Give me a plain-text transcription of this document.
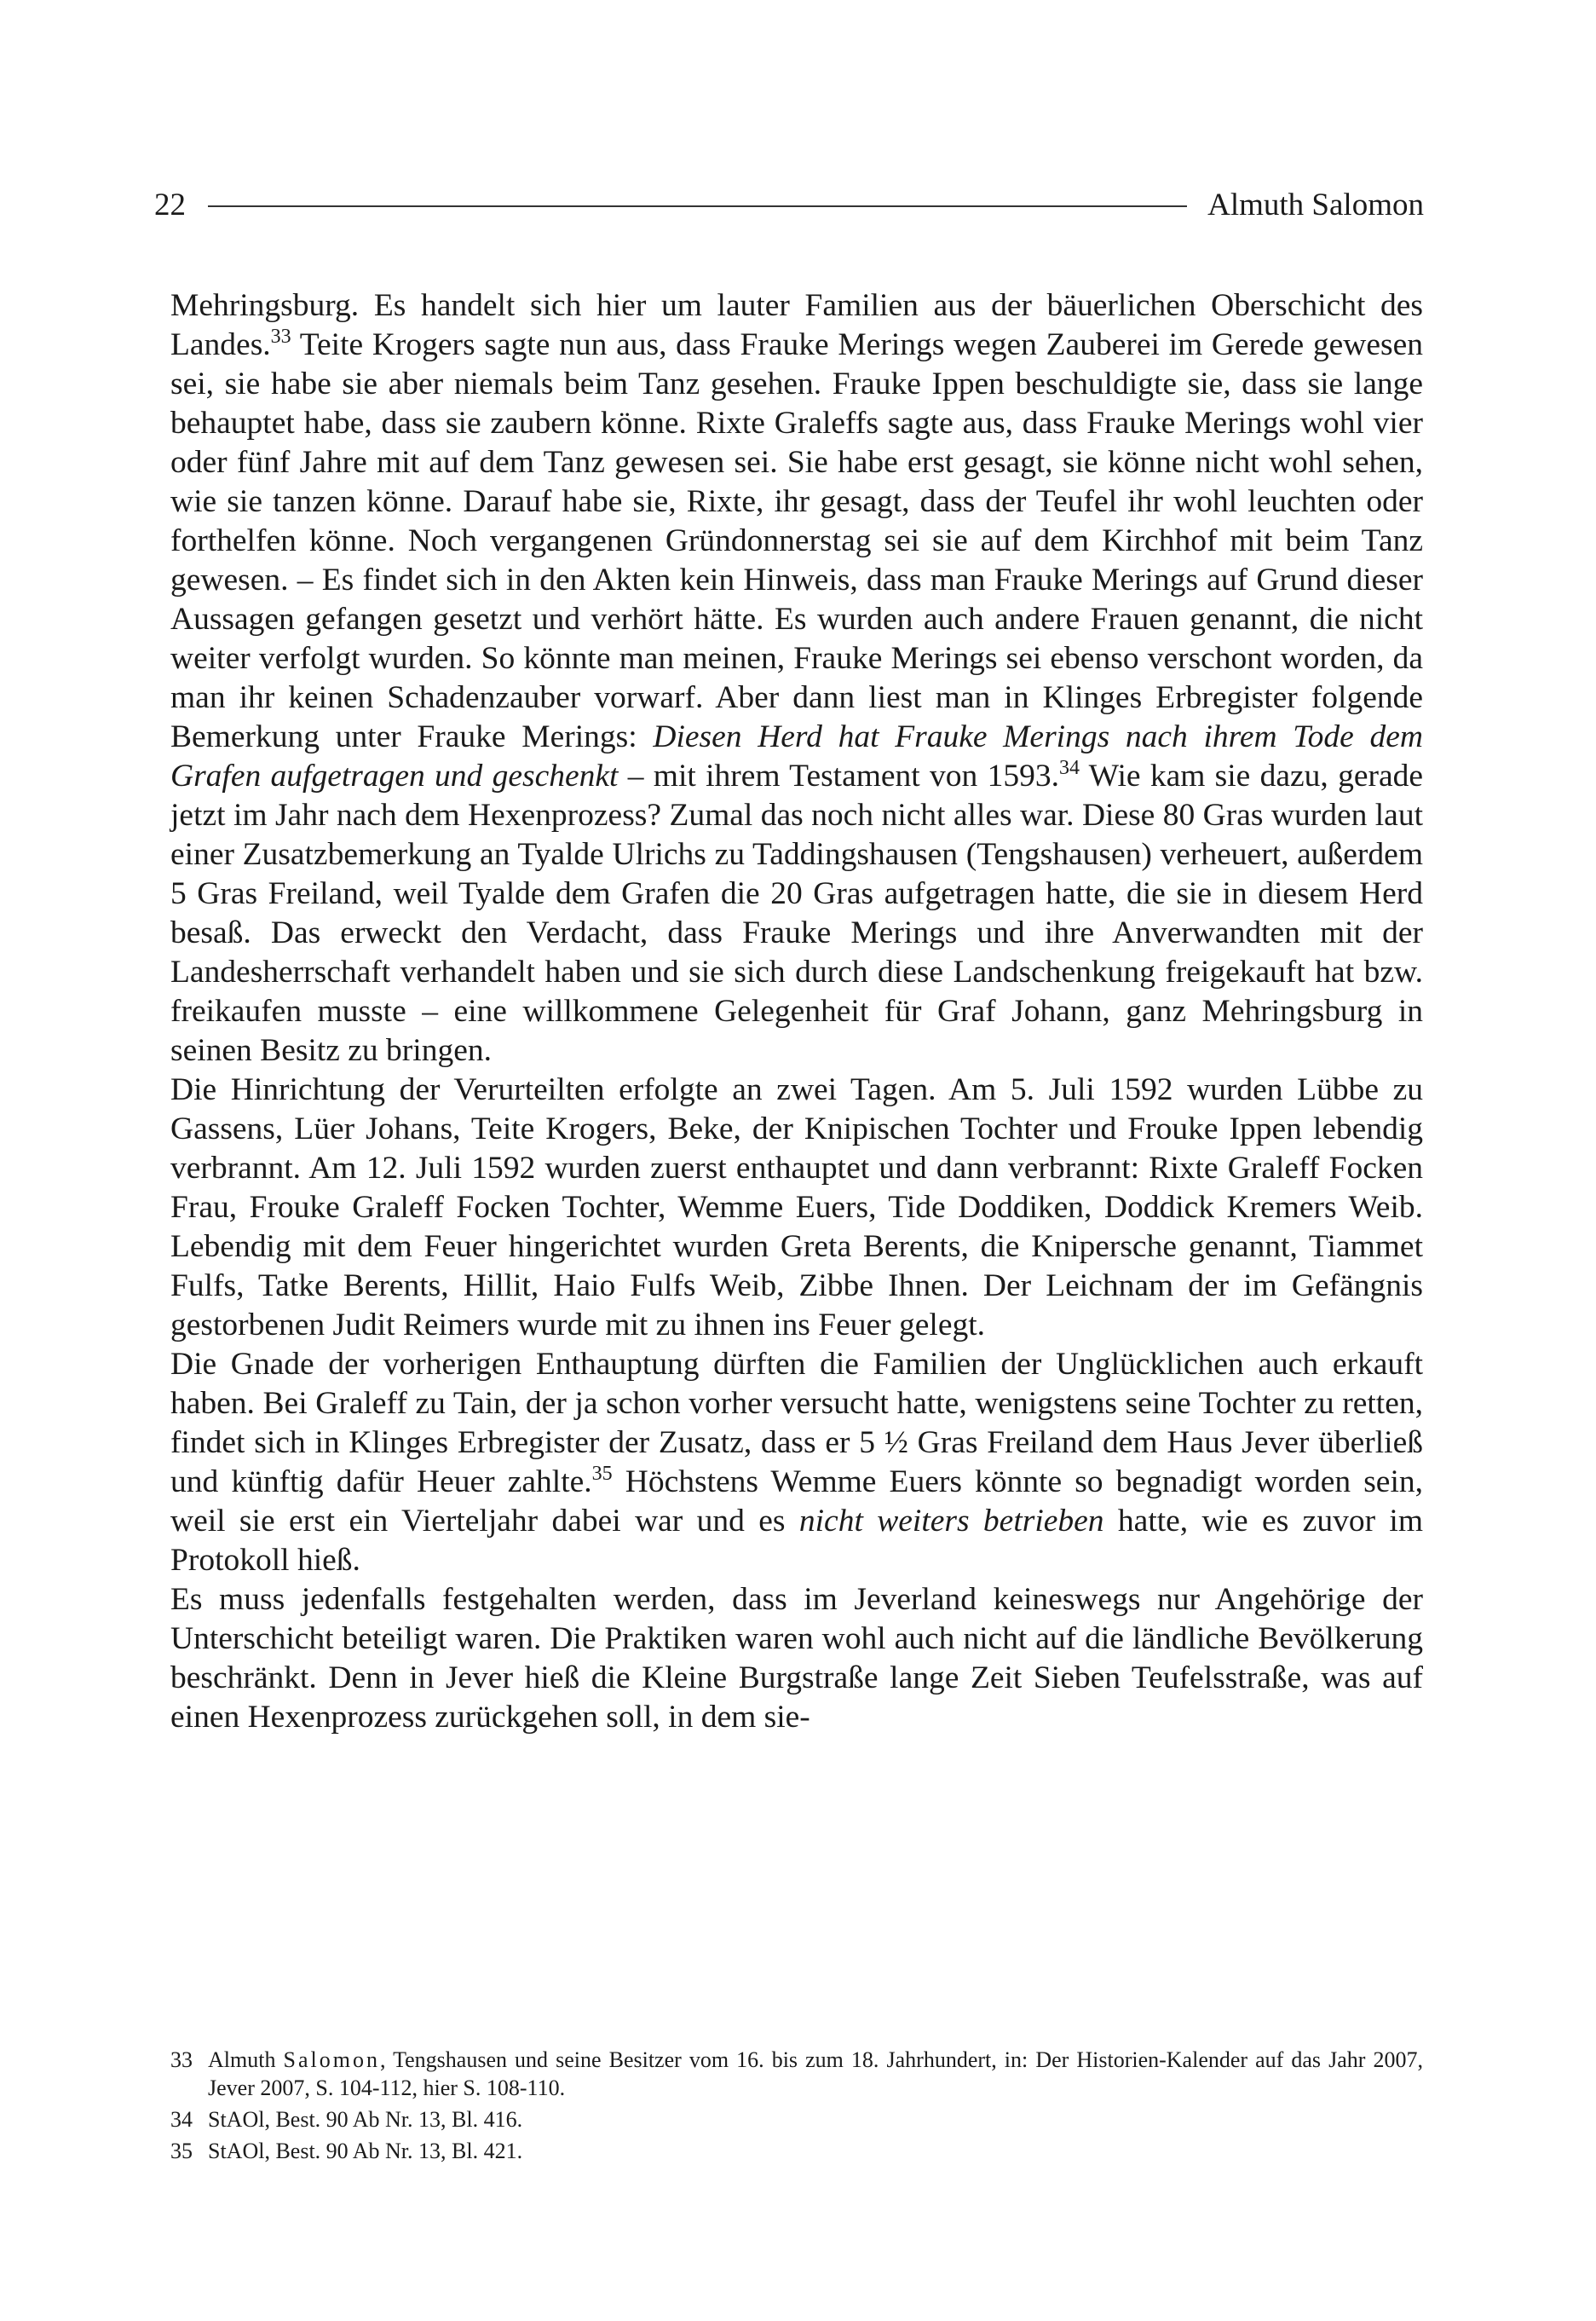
22	Almuth Salomon

Mehringsburg. Es handelt sich hier um lauter Familien aus der bäuerlichen Oberschicht des Landes.$^{33}$ Teite Krogers sagte nun aus, dass Frauke Merings wegen Zauberei im Gerede gewesen sei, sie habe sie aber niemals beim Tanz gesehen. Frauke Ippen beschuldigte sie, dass sie lange behauptet habe, dass sie zaubern könne. Rixte Graleffs sagte aus, dass Frauke Merings wohl vier oder fünf Jahre mit auf dem Tanz gewesen sei. Sie habe erst gesagt, sie könne nicht wohl sehen, wie sie tanzen könne. Darauf habe sie, Rixte, ihr gesagt, dass der Teufel ihr wohl leuchten oder forthelfen könne. Noch vergangenen Gründonnerstag sei sie auf dem Kirchhof mit beim Tanz gewesen. – Es findet sich in den Akten kein Hinweis, dass man Frauke Merings auf Grund dieser Aussagen gefangen gesetzt und verhört hätte. Es wurden auch andere Frauen genannt, die nicht weiter verfolgt wurden. So könnte man meinen, Frauke Merings sei ebenso verschont worden, da man ihr keinen Schadenzauber vorwarf. Aber dann liest man in Klinges Erbregister folgende Bemerkung unter Frauke Merings: Diesen Herd hat Frauke Merings nach ihrem Tode dem Grafen aufgetragen und geschenkt – mit ihrem Testament von 1593.34 Wie kam sie dazu, gerade jetzt im Jahr nach dem Hexenprozess? Zumal das noch nicht alles war. Diese 80 Gras wurden laut einer Zusatzbemerkung an Tyalde Ulrichs zu Taddingshausen (Tengshausen) verheuert, außerdem 5 Gras Freiland, weil Tyalde dem Grafen die 20 Gras aufgetragen hatte, die sie in diesem Herd besaß. Das erweckt den Verdacht, dass Frauke Merings und ihre Anverwandten mit der Landesherrschaft verhandelt haben und sie sich durch diese Landschenkung freigekauft hat bzw. freikaufen musste – eine willkommene Gelegenheit für Graf Johann, ganz Mehringsburg in seinen Besitz zu bringen.

Die Hinrichtung der Verurteilten erfolgte an zwei Tagen. Am 5. Juli 1592 wurden Lübbe zu Gassens, Lüer Johans, Teite Krogers, Beke, der Knipischen Tochter und Frouke Ippen lebendig verbrannt. Am 12. Juli 1592 wurden zuerst enthauptet und dann verbrannt: Rixte Graleff Focken Frau, Frouke Graleff Focken Tochter, Wemme Euers, Tide Doddiken, Doddick Kremers Weib. Lebendig mit dem Feuer hingerichtet wurden Greta Berents, die Knipersche genannt, Tiammet Fulfs, Tatke Berents, Hillit, Haio Fulfs Weib, Zibbe Ihnen. Der Leichnam der im Gefängnis gestorbenen Judit Reimers wurde mit zu ihnen ins Feuer gelegt.

Die Gnade der vorherigen Enthauptung dürften die Familien der Unglücklichen auch erkauft haben. Bei Graleff zu Tain, der ja schon vorher versucht hatte, wenigstens seine Tochter zu retten, findet sich in Klinges Erbregister der Zusatz, dass er 5 ½ Gras Freiland dem Haus Jever überließ und künftig dafür Heuer zahlte.$^{35}$ Höchstens Wemme Euers könnte so begnadigt worden sein, weil sie erst ein Vierteljahr dabei war und es nicht weiters betrieben hatte, wie es zuvor im Protokoll hieß.

Es muss jedenfalls festgehalten werden, dass im Jeverland keineswegs nur Angehörige der Unterschicht beteiligt waren. Die Praktiken waren wohl auch nicht auf die ländliche Bevölkerung beschränkt. Denn in Jever hieß die Kleine Burgstraße lange Zeit Sieben Teufelsstraße, was auf einen Hexenprozess zurückgehen soll, in dem sie-

33 Almuth Salomon, Tengshausen und seine Besitzer vom 16. bis zum 18. Jahrhundert, in: Der Historien-Kalender auf das Jahr 2007, Jever 2007, S. 104-112, hier S. 108-110.
34 StAOl, Best. 90 Ab Nr. 13, Bl. 416.
35 StAOl, Best. 90 Ab Nr. 13, Bl. 421.
